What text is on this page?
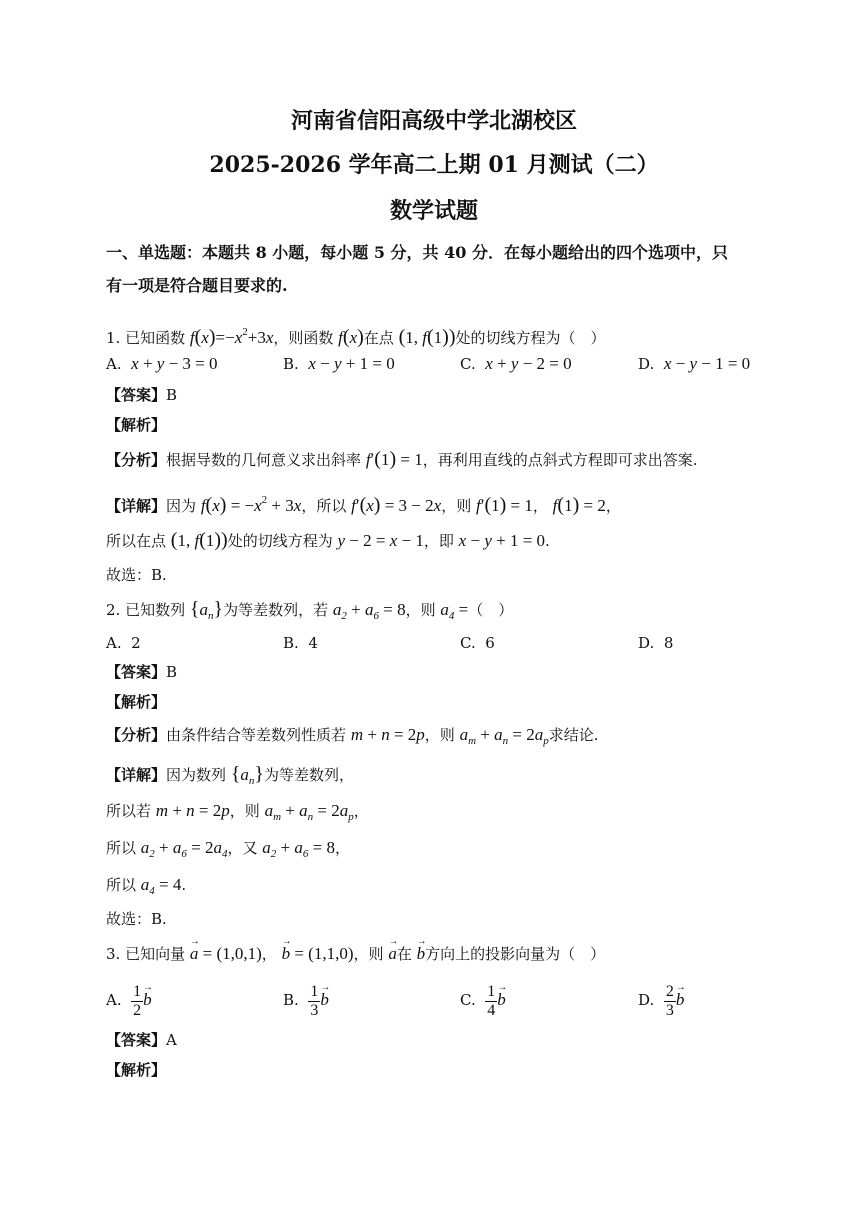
河南省信阳高级中学北湖校区
2025-2026 学年高二上期 01 月测试（二）
数学试题
一、单选题：本题共 8 小题，每小题 5 分，共 40 分．在每小题给出的四个选项中，只
有一项是符合题目要求的.
1. 已知函数 $f(x)=-x^2+3x$，则函数 f(x)在点 (1, f(1))处的切线方程为（　）
A. x + y − 3 = 0	B. x − y + 1 = 0	C. x + y − 2 = 0	D. x − y − 1 = 0
【答案】B
【解析】
【分析】根据导数的几何意义求出斜率 f′(1) = 1，再利用直线的点斜式方程即可求出答案.
【详解】因为 $f(x) = -x^2 + 3x$，所以 f′(x) = 3 − 2x，则 f′(1) = 1， f(1) = 2，
所以在点 (1, f(1))处的切线方程为 y − 2 = x − 1，即 x − y + 1 = 0.
故选：B.
2. 已知数列 $\{a_n\}$为等差数列，若 $a_2 + a_6 = 8$，则 $a_4$ =（　）
A. 2	B. 4	C. 6	D. 8
【答案】B
【解析】
【分析】由条件结合等差数列性质若 m + n = 2p，则 $a_m + a_n = 2a_p$求结论.
【详解】因为数列 $\{a_n\}$为等差数列，
所以若 m + n = 2p，则 $a_m + a_n = 2a_p$，
所以 $a_2 + a_6 = 2a_4$，又 $a_2 + a_6 = 8$，
所以 $a_4 = 4$.
故选：B.
3. 已知向量 → a = (1,0,1)， → b = (1,1,0)，则 → a在 → b方向上的投影向量为（　）
A. $\frac{1}{2}$
→ b	B. $\frac{1}{3}$
→ b	C. $\frac{1}{4}$
→ b	D. $\frac{2}{3}$
→ b
【答案】A
【解析】
